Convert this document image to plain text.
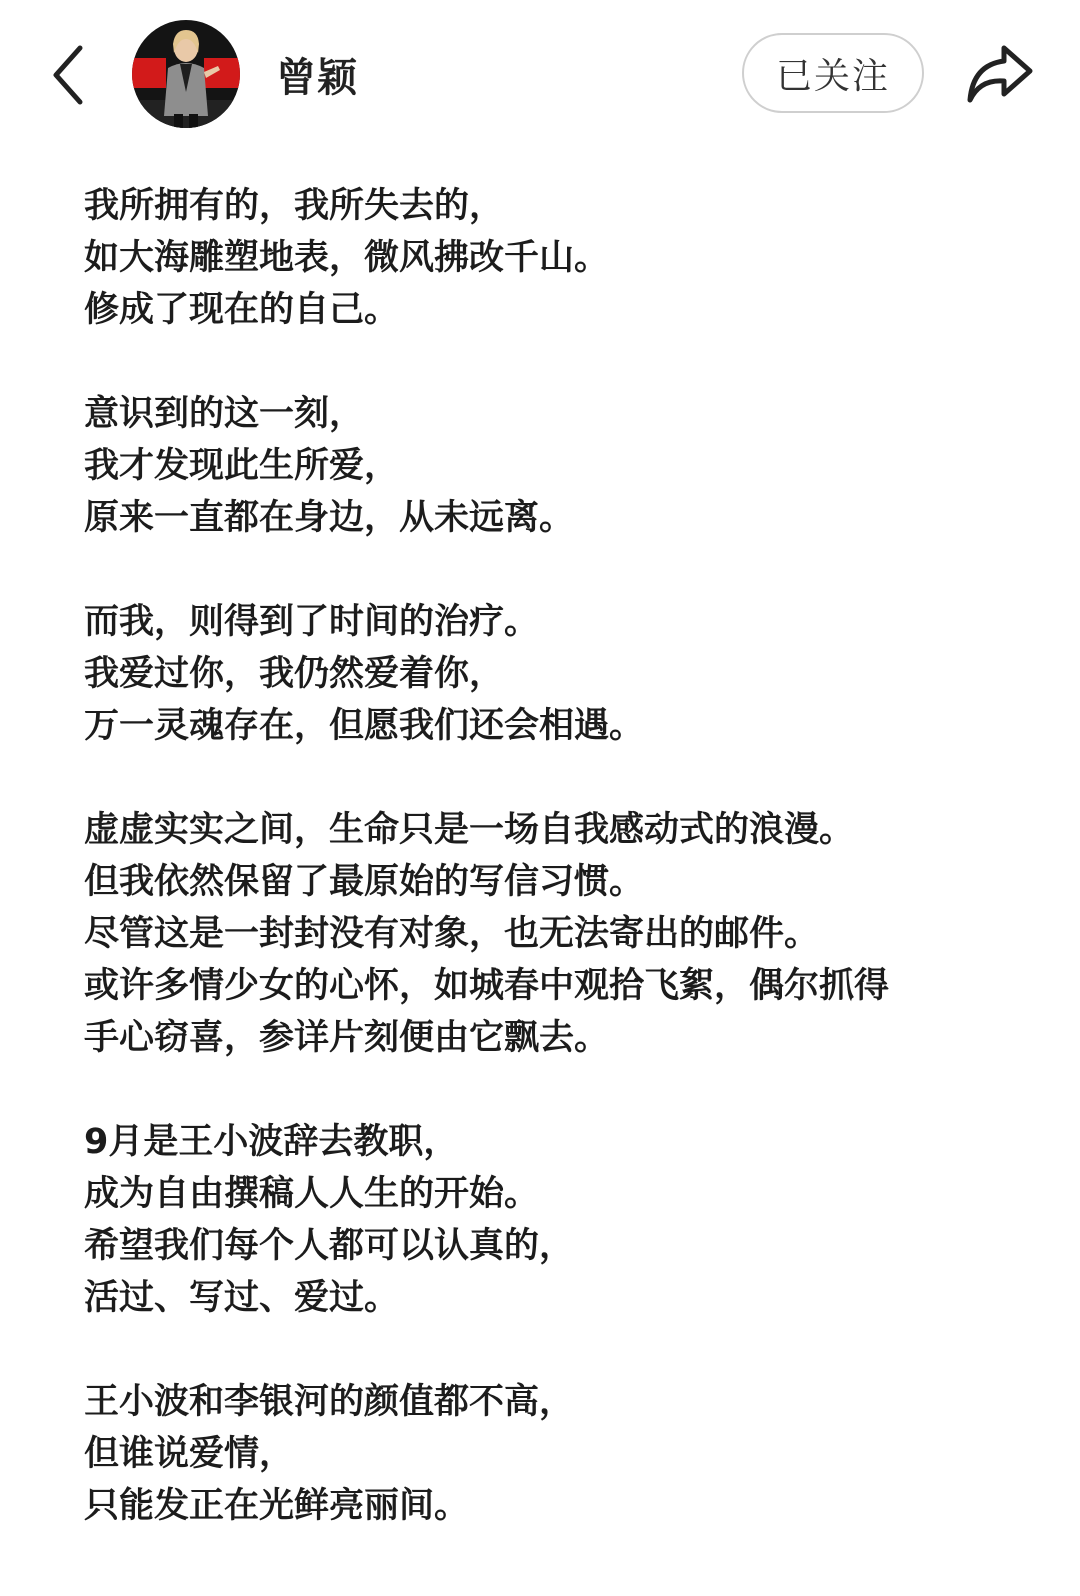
曾颖	已关注
我所拥有的，我所失去的，
如大海雕塑地表，微风拂改千山。
修成了现在的自己。
意识到的这一刻，
我才发现此生所爱，
原来一直都在身边，从未远离。
而我，则得到了时间的治疗。
我爱过你，我仍然爱着你，
万一灵魂存在，但愿我们还会相遇。
虚虚实实之间，生命只是一场自我感动式的浪漫。
但我依然保留了最原始的写信习惯。
尽管这是一封封没有对象，也无法寄出的邮件。
或许多情少女的心怀，如城春中观拾飞絮，偶尔抓得
手心窃喜，参详片刻便由它飘去。
9月是王小波辞去教职，
成为自由撰稿人人生的开始。
希望我们每个人都可以认真的，
活过、写过、爱过。
王小波和李银河的颜值都不高，
但谁说爱情，
只能发正在光鲜亮丽间。
